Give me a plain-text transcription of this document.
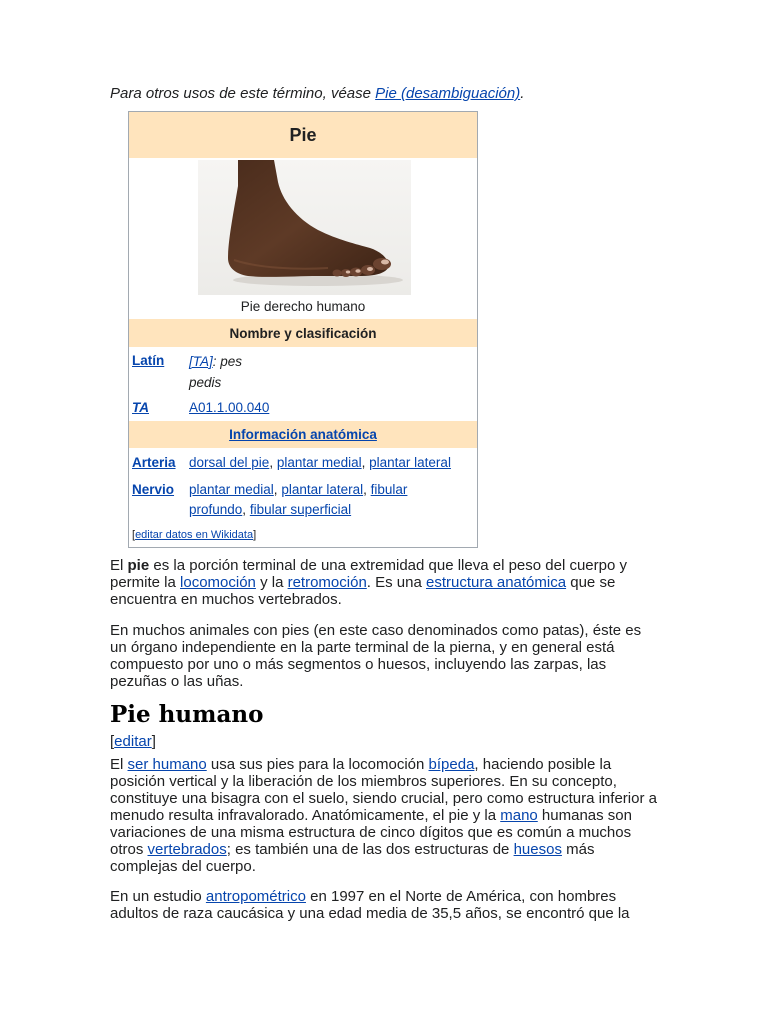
Para otros usos de este término, véase Pie (desambiguación).
Pie
Pie derecho humano
Nombre y clasificación
Latín	[TA]: pes pedis
TA	A01.1.00.040
Información anatómica
Arteria dorsal del pie, plantar medial, plantar lateral
Nervio	plantar medial, plantar lateral, fibular profundo, fibular superficial
[editar datos en Wikidata]

El pie es la porción terminal de una extremidad que lleva el peso del cuerpo y permite la locomoción y la retromoción. Es una estructura anatómica que se encuentra en muchos vertebrados.

En muchos animales con pies (en este caso denominados como patas), éste es un órgano independiente en la parte terminal de la pierna, y en general está compuesto por uno o más segmentos o huesos, incluyendo las zarpas, las pezuñas o las uñas.

Pie humano
[editar]

El ser humano usa sus pies para la locomoción bípeda, haciendo posible la posición vertical y la liberación de los miembros superiores. En su concepto, constituye una bisagra con el suelo, siendo crucial, pero como estructura inferior a menudo resulta infravalorado. Anatómicamente, el pie y la mano humanas son variaciones de una misma estructura de cinco dígitos que es común a muchos otros vertebrados; es también una de las dos estructuras de huesos más complejas del cuerpo.

En un estudio antropométrico en 1997 en el Norte de América, con hombres adultos de raza caucásica y una edad media de 35,5 años, se encontró que la
